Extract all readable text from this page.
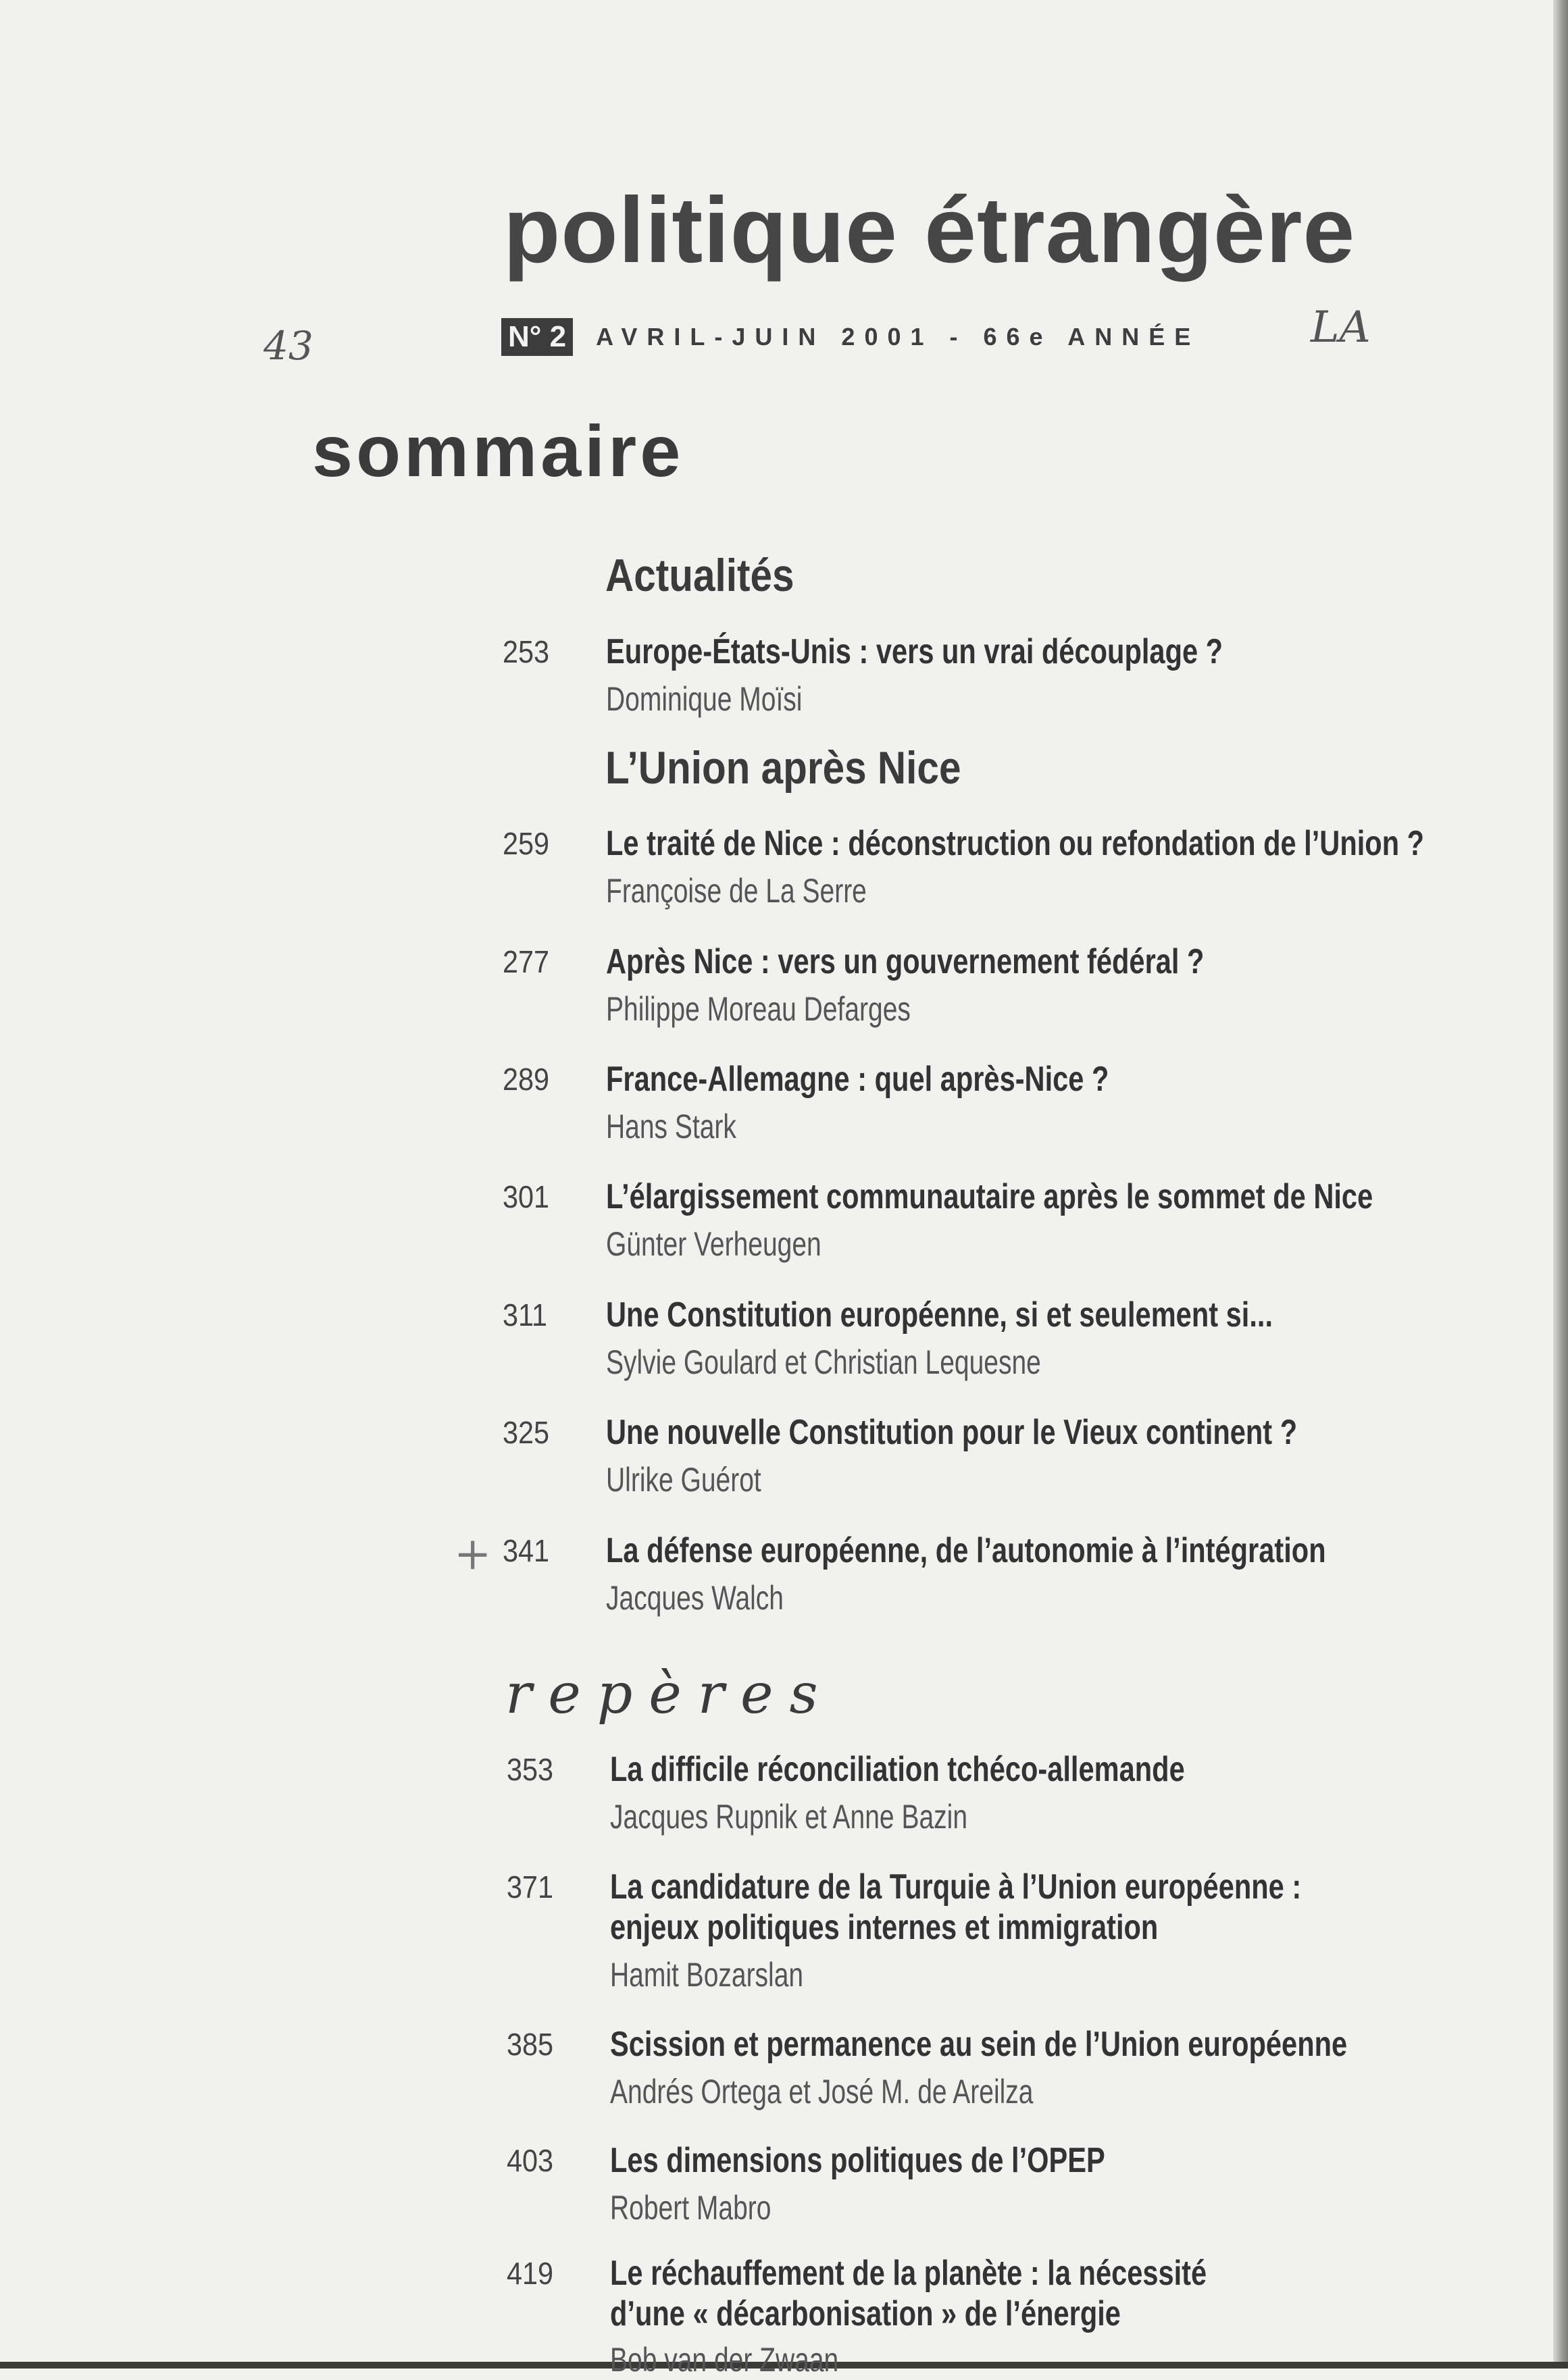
politique étrangère
N° 2 AVRIL-JUIN 2001 - 66e ANNÉE
43	LA
+
sommaire
Actualités
L’Union après Nice
repères
253 Europe-États-Unis : vers un vrai découplage ?
Dominique Moïsi
259 Le traité de Nice : déconstruction ou refondation de l’Union ?
Françoise de La Serre
277 Après Nice : vers un gouvernement fédéral ?
Philippe Moreau Defarges
289 France-Allemagne : quel après-Nice ?
Hans Stark
301 L’élargissement communautaire après le sommet de Nice
Günter Verheugen
311 Une Constitution européenne, si et seulement si...
Sylvie Goulard et Christian Lequesne
325 Une nouvelle Constitution pour le Vieux continent ?
Ulrike Guérot
341 La défense européenne, de l’autonomie à l’intégration
Jacques Walch
353 La difficile réconciliation tchéco-allemande
Jacques Rupnik et Anne Bazin
371 La candidature de la Turquie à l’Union européenne :
enjeux politiques internes et immigration
Hamit Bozarslan
385 Scission et permanence au sein de l’Union européenne
Andrés Ortega et José M. de Areilza
403 Les dimensions politiques de l’OPEP
Robert Mabro
419 Le réchauffement de la planète : la nécessité
d’une « décarbonisation » de l’énergie
Bob van der Zwaan
